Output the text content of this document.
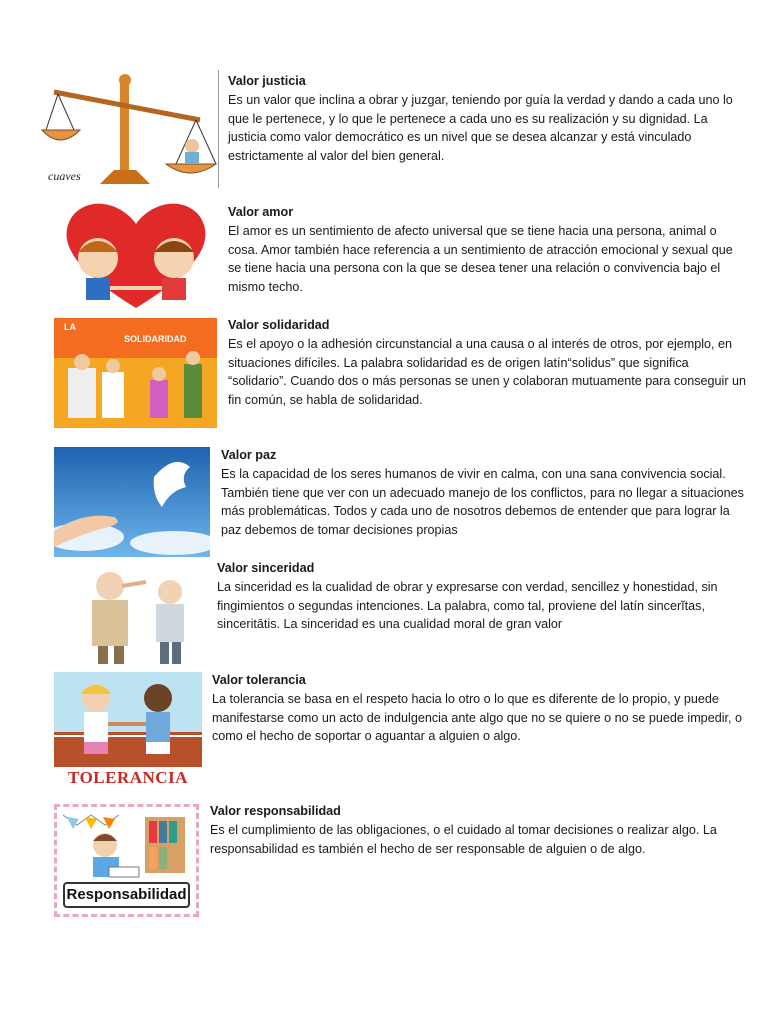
cuaves
Valor justicia
Es un valor que inclina a obrar y juzgar, teniendo por guía la verdad y dando a cada uno lo que le pertenece, y lo que le pertenece a cada uno es su realización y su dignidad. La justicia como valor democrático es un nivel que se desea alcanzar y está vinculado estrictamente al valor del bien general.
Valor amor
El amor es un sentimiento de afecto universal que se tiene hacia una persona, animal o cosa. Amor también hace referencia a un sentimiento de atracción emocional y sexual que se tiene hacia una persona con la que se desea tener una relación o convivencia bajo el mismo techo.
LA
SOLIDARIDAD
Valor solidaridad
Es el apoyo o la adhesión circunstancial a una causa o al interés de otros, por ejemplo, en situaciones difíciles. La palabra solidaridad es de origen latín“solidus” que significa “solidario”. Cuando dos o más personas se unen y colaboran mutuamente para conseguir un fin común, se habla de solidaridad.
Valor paz
Es la capacidad de los seres humanos de vivir en calma, con una sana convivencia social. También tiene que ver con un adecuado manejo de los conflictos, para no llegar a situaciones más problemáticas. Todos y cada uno de nosotros debemos de entender que para lograr la paz debemos de tomar decisiones propias
Valor sinceridad
La sinceridad es la cualidad de obrar y expresarse con verdad, sencillez y honestidad, sin fingimientos o segundas intenciones. La palabra, como tal, proviene del latín sincerĭtas, sinceritātis. La sinceridad es una cualidad moral de gran valor
TOLERANCIA
Valor tolerancia
La tolerancia se basa en el respeto hacia lo otro o lo que es diferente de lo propio, y puede manifestarse como un acto de indulgencia ante algo que no se quiere o no se puede impedir, o como el hecho de soportar o aguantar a alguien o algo.
Responsabilidad
Valor responsabilidad
Es el cumplimiento de las obligaciones, o el cuidado al tomar decisiones o realizar algo. La responsabilidad es también el hecho de ser responsable de alguien o de algo.
